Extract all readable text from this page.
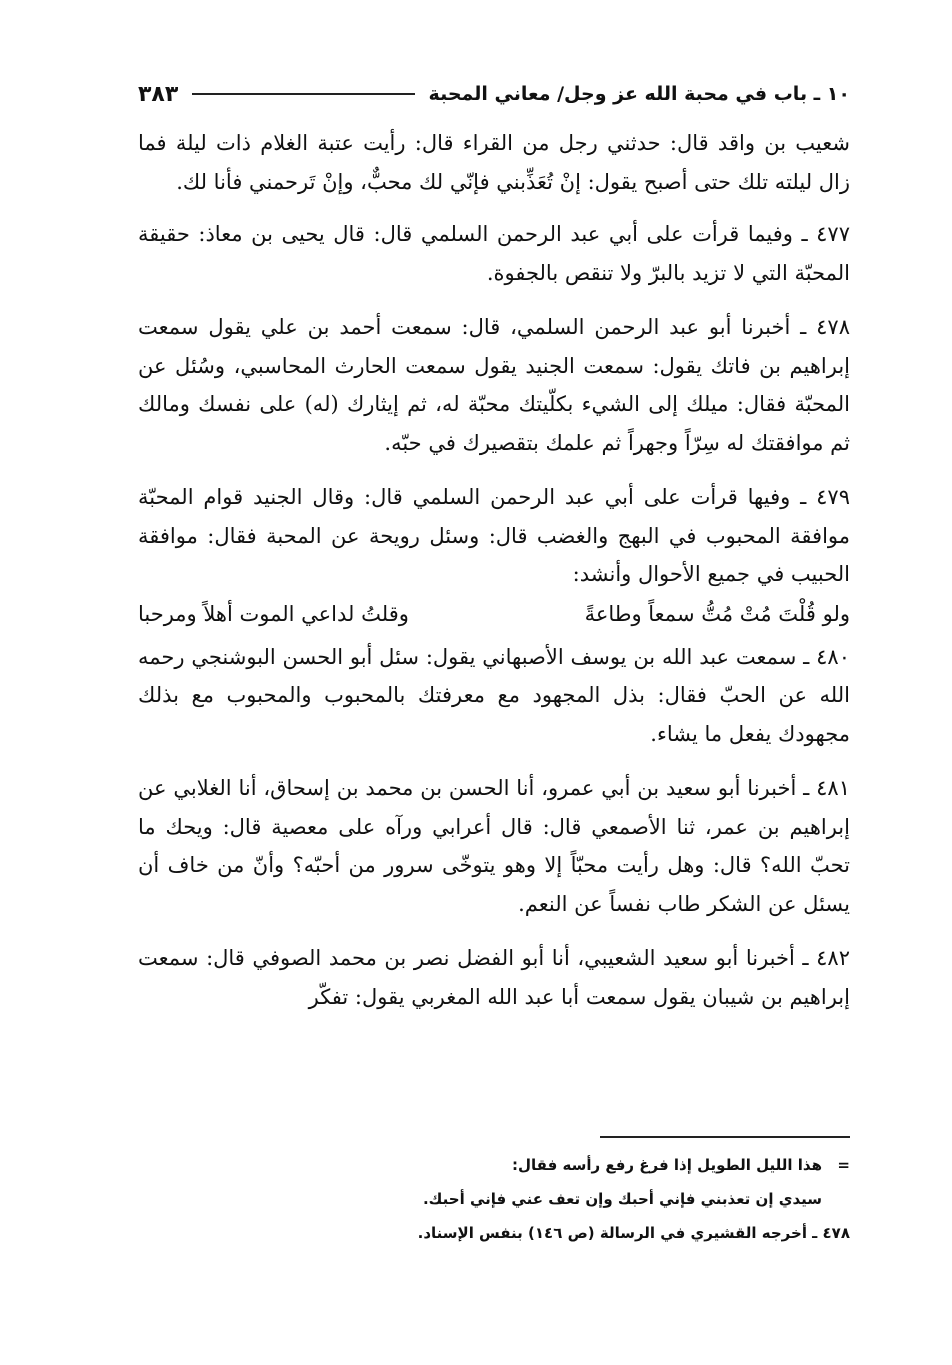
١٠ ـ باب في محبة الله عز وجل/ معاني المحبة
٣٨٣

شعيب بن واقد قال: حدثني رجل من القراء قال: رأيت عتبة الغلام ذات ليلة فما زال ليلته تلك حتى أصبح يقول: إنْ تُعَذِّبني فإنّي لك محبٌّ، وإنْ تَرحمني فأنا لك.

٤٧٧ ـ وفيما قرأت على أبي عبد الرحمن السلمي قال: قال يحيى بن معاذ: حقيقة المحبّة التي لا تزيد بالبرّ ولا تنقص بالجفوة.

٤٧٨ ـ أخبرنا أبو عبد الرحمن السلمي، قال: سمعت أحمد بن علي يقول سمعت إبراهيم بن فاتك يقول: سمعت الجنيد يقول سمعت الحارث المحاسبي، وسُئل عن المحبّة فقال: ميلك إلى الشيء بكلّيتك محبّة له، ثم إيثارك (له) على نفسك ومالك ثم موافقتك له سِرّاً وجهراً ثم علمك بتقصيرك في حبّه.

٤٧٩ ـ وفيها قرأت على أبي عبد الرحمن السلمي قال: وقال الجنيد قوام المحبّة موافقة المحبوب في البهج والغضب قال: وسئل رويحة عن المحبة فقال: موافقة الحبيب في جميع الأحوال وأنشد:

ولو قُلْتَ مُتْ مُتُّ سمعاً وطاعةً
وقلتُ لداعي الموت أهلاً ومرحبا

٤٨٠ ـ سمعت عبد الله بن يوسف الأصبهاني يقول: سئل أبو الحسن البوشنجي رحمه الله عن الحبّ فقال: بذل المجهود مع معرفتك بالمحبوب والمحبوب مع بذلك مجهودك يفعل ما يشاء.

٤٨١ ـ أخبرنا أبو سعيد بن أبي عمرو، أنا الحسن بن محمد بن إسحاق، أنا الغلابي عن إبراهيم بن عمر، ثنا الأصمعي قال: قال أعرابي ورآه على معصية قال: ويحك ما تحبّ الله؟ قال: وهل رأيت محبّاً إلا وهو يتوخّى سرور من أحبّه؟ وأنّ من خاف أن يسئل عن الشكر طاب نفساً عن النعم.

٤٨٢ ـ أخبرنا أبو سعيد الشعيبي، أنا أبو الفضل نصر بن محمد الصوفي قال: سمعت إبراهيم بن شيبان يقول سمعت أبا عبد الله المغربي يقول: تفكّر

=هذا الليل الطويل إذا فرغ رفع رأسه فقال:

سيدي إن تعذبني فإني أحبك وإن تعف عني فإني أحبك.

٤٧٨ ـ أخرجه القشيري في الرسالة (ص ١٤٦) بنفس الإسناد.
